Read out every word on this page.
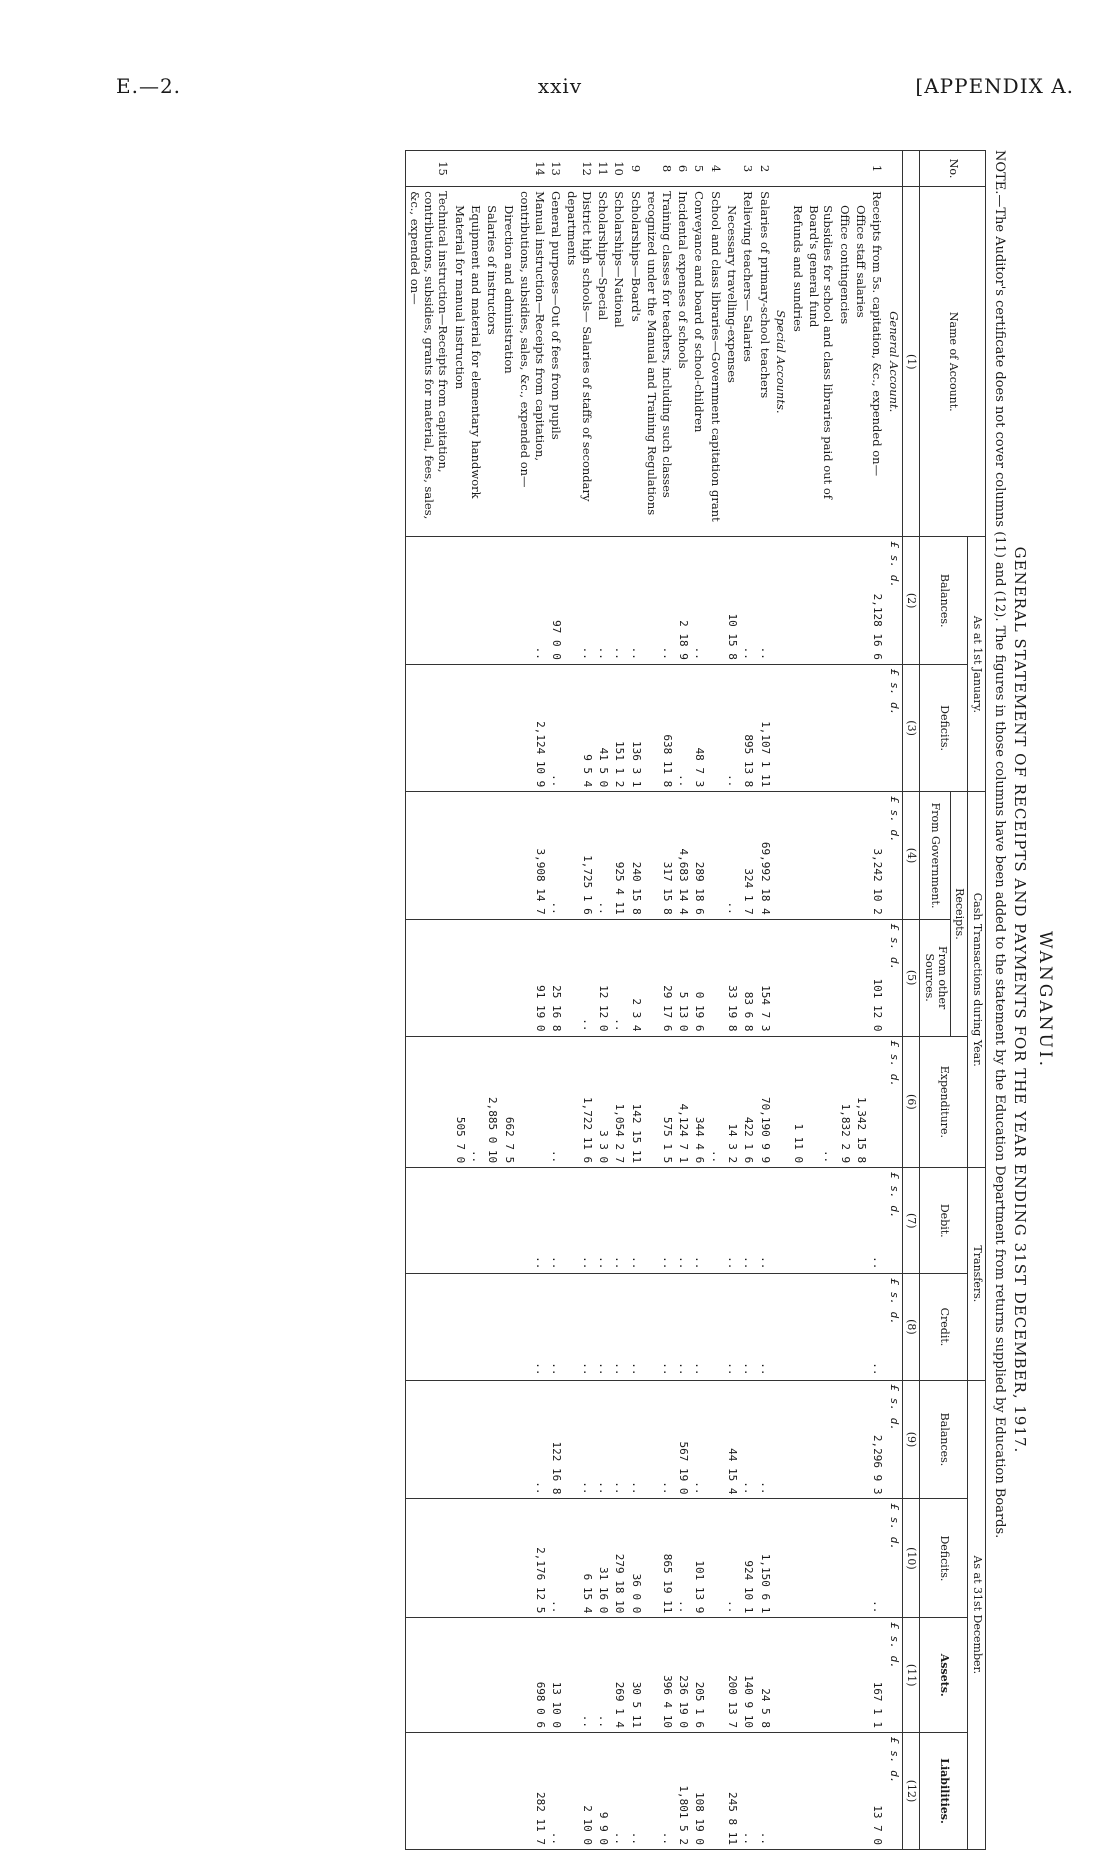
E.—2.	xxiv	[APPENDIX A.

WANGANUI.

GENERAL STATEMENT OF RECEIPTS AND PAYMENTS FOR THE YEAR ENDING 31ST DECEMBER, 1917.

NOTE.—The Auditor's certificate does not cover columns (11) and (12). The figures in those columns have been added to the statement by the Education Department from returns supplied by Education Boards.

No.	Name of Account.	As at 1st January.		Cash Transactions during Year.			Transfers.		As at 31st December.			
		Balances.	Deficits.	Receipts.		Expenditure.	Debit.	Credit.	Balances.	Deficits.	Assets.	Liabilities.
				From Government.	From other Sources.							
	(1)	(2)	(3)	(4)	(5)	(6)	(7)	(8)	(9)	(10)	(11)	(12)
	General Account.	£ s. d.	£ s. d.	£ s. d.	£ s. d.	£ s. d.	£ s. d.	£ s. d.	£ s. d.	£ s. d.	£ s. d.	£ s. d.
1	Receipts from 5s. capitation, &c., expended on—	2,128 16 6		3,242 10 2	101 12 0		..	..	2,296 9 3	..	167 1 1	13 7 0
	Office staff salaries					1,342 15 8						
	Office contingencies					1,832 2 9						
	Subsidies for school and class libraries paid out of Board's general fund					..						
	Refunds and sundries					1 11 0						
	Special Accounts.											
2	Salaries of primary-school teachers	..	1,107 1 11	69,992 18 4	154 7 3	70,190 9 9	..	..	..	1,150 6 1	24 5 8	..
3	Relieving teachers— Salaries	..	895 13 8	324 1 7	83 6 8	422 1 6	..	..	..	924 10 1	140 9 10	..
	Necessary travelling-expenses	10 15 8	..	..	33 19 8	14 3 2	..	..	44 15 4	..	200 13 7	245 8 11
4	School and class libraries—Government capitation grant					..						
5	Conveyance and board of school-children	..	48 7 3	289 18 6	0 19 6	344 4 6	..	..	..	101 13 9	205 1 6	108 19 0
6	Incidental expenses of schools	2 18 9	..	4,683 14 4	5 13 0	4,124 7 1	..	..	567 19 0	..	236 19 0	1,801 5 2
8	Training classes for teachers, including such classes recognized under the Manual and Training Regulations	..	638 11 8	317 15 8	29 17 6	575 1 5	..	..	..	865 19 11	396 4 10	..
9	Scholarships—Board's	..	136 3 1	240 15 8	2 3 4	142 15 11	..	..	..	36 0 0	30 5 11	..
10	Scholarships—National	..	151 1 2	925 4 11	..	1,054 2 7	..	..	..	279 18 10	269 1 4	..
11	Scholarships—Special	..	41 5 0	..	12 12 0	3 3 0	..	..	..	31 16 0	..	9 9 0
12	District high schools— Salaries of staffs of secondary departments	..	9 5 4	1,725 1 6	..	1,722 11 6	..	..	..	6 15 4	..	2 10 0
13	General purposes—Out of fees from pupils	97 0 0	..	..	25 16 8	..	..	..	122 16 8	..	13 10 0	..
14	Manual instruction—Receipts from capitation, contributions, subsidies, sales, &c., expended on—	..	2,124 10 9	3,908 14 7	91 19 0		..	..	..	2,176 12 5	698 0 6	282 11 7
	Direction and administration					662 7 5						
	Salaries of instructors					2,885 0 10						
	Equipment and material for elementary handwork					..						
	Material for manual instruction					505 7 0						
15	Technical instruction—Receipts from capitation, contributions, subsidies, grants for material, fees, sales, &c., expended on—											
